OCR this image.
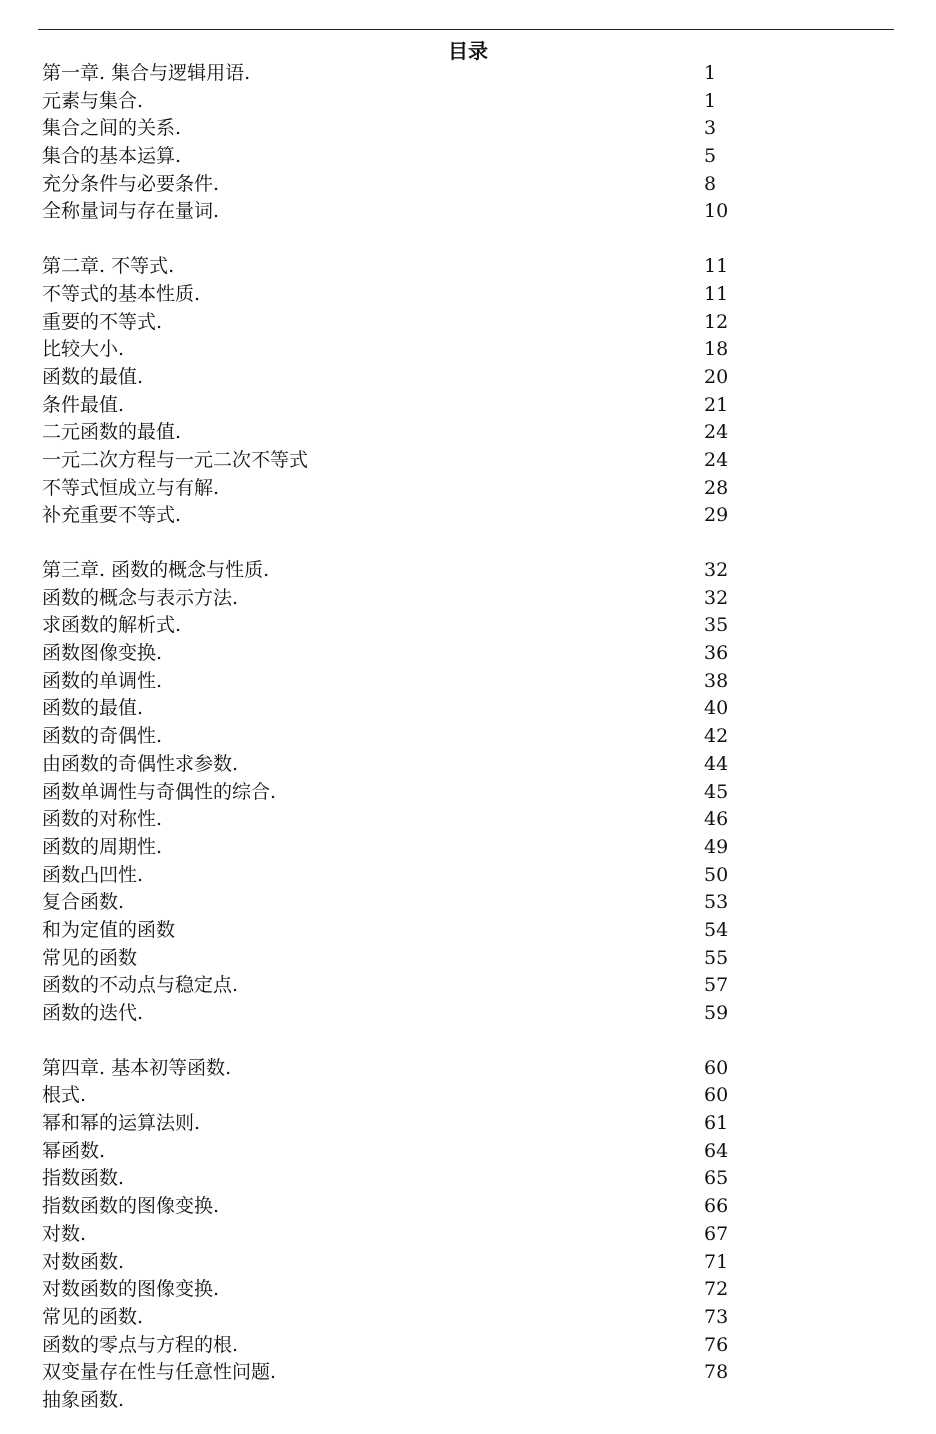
目录
第一章. 集合与逻辑用语.	1
元素与集合.	1
集合之间的关系.	3
集合的基本运算.	5
充分条件与必要条件.	8
全称量词与存在量词.	10
第二章. 不等式.	11
不等式的基本性质.	11
重要的不等式.	12
比较大小.	18
函数的最值.	20
条件最值.	21
二元函数的最值.	24
一元二次方程与一元二次不等式	24
不等式恒成立与有解.	28
补充重要不等式.	29
第三章. 函数的概念与性质.	32
函数的概念与表示方法.	32
求函数的解析式.	35
函数图像变换.	36
函数的单调性.	38
函数的最值.	40
函数的奇偶性.	42
由函数的奇偶性求参数.	44
函数单调性与奇偶性的综合.	45
函数的对称性.	46
函数的周期性.	49
函数凸凹性.	50
复合函数.	53
和为定值的函数	54
常见的函数	55
函数的不动点与稳定点.	57
函数的迭代.	59
第四章. 基本初等函数.	60
根式.	60
幂和幂的运算法则.	61
幂函数.	64
指数函数.	65
指数函数的图像变换.	66
对数.	67
对数函数.	71
对数函数的图像变换.	72
常见的函数.	73
函数的零点与方程的根.	76
双变量存在性与任意性问题.	78
抽象函数.
